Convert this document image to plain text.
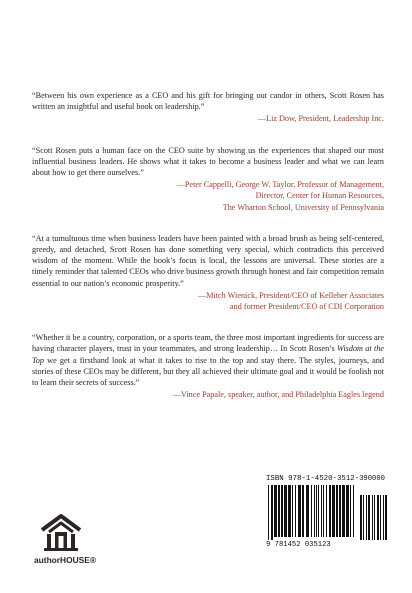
“Between his own experience as a CEO and his gift for bringing out candor in others, Scott Rosen has written an insightful and useful book on leadership.”

—Liz Dow, President, Leadership Inc.

“Scott Rosen puts a human face on the CEO suite by showing us the experiences that shaped our most influential business leaders. He shows what it takes to become a business leader and what we can learn about how to get there ourselves.”

—Peter Cappelli, George W. Taylor, Professor of Management,
Director, Center for Human Resources,
The Wharton School, University of Pennsylvania

“At a tumultuous time when business leaders have been painted with a broad brush as being self-centered, greedy, and detached, Scott Rosen has done something very special, which contradicts this perceived wisdom of the moment. While the book’s focus is local, the lessons are universal. These stories are a timely reminder that talented CEOs who drive business growth through honest and fair competition remain essential to our nation’s economic prosperity.”

—Mitch Wienick, President/CEO of Kelleher Associates
and former President/CEO of CDI Corporation

“Whether it be a country, corporation, or a sports team, the three most important ingredients for success are having character players, trust in your teammates, and strong leadership… In Scott Rosen’s Wisdom at the Top we get a firsthand look at what it takes to rise to the top and stay there. The styles, journeys, and stories of these CEOs may be different, but they all achieved their ultimate goal and it would be foolish not to learn their secrets of success.”

—Vince Papale, speaker, author, and Philadelphia Eagles legend

authorHOUSE®
ISBN 978-1-4520-3512-3
9 781452 035123
90000
